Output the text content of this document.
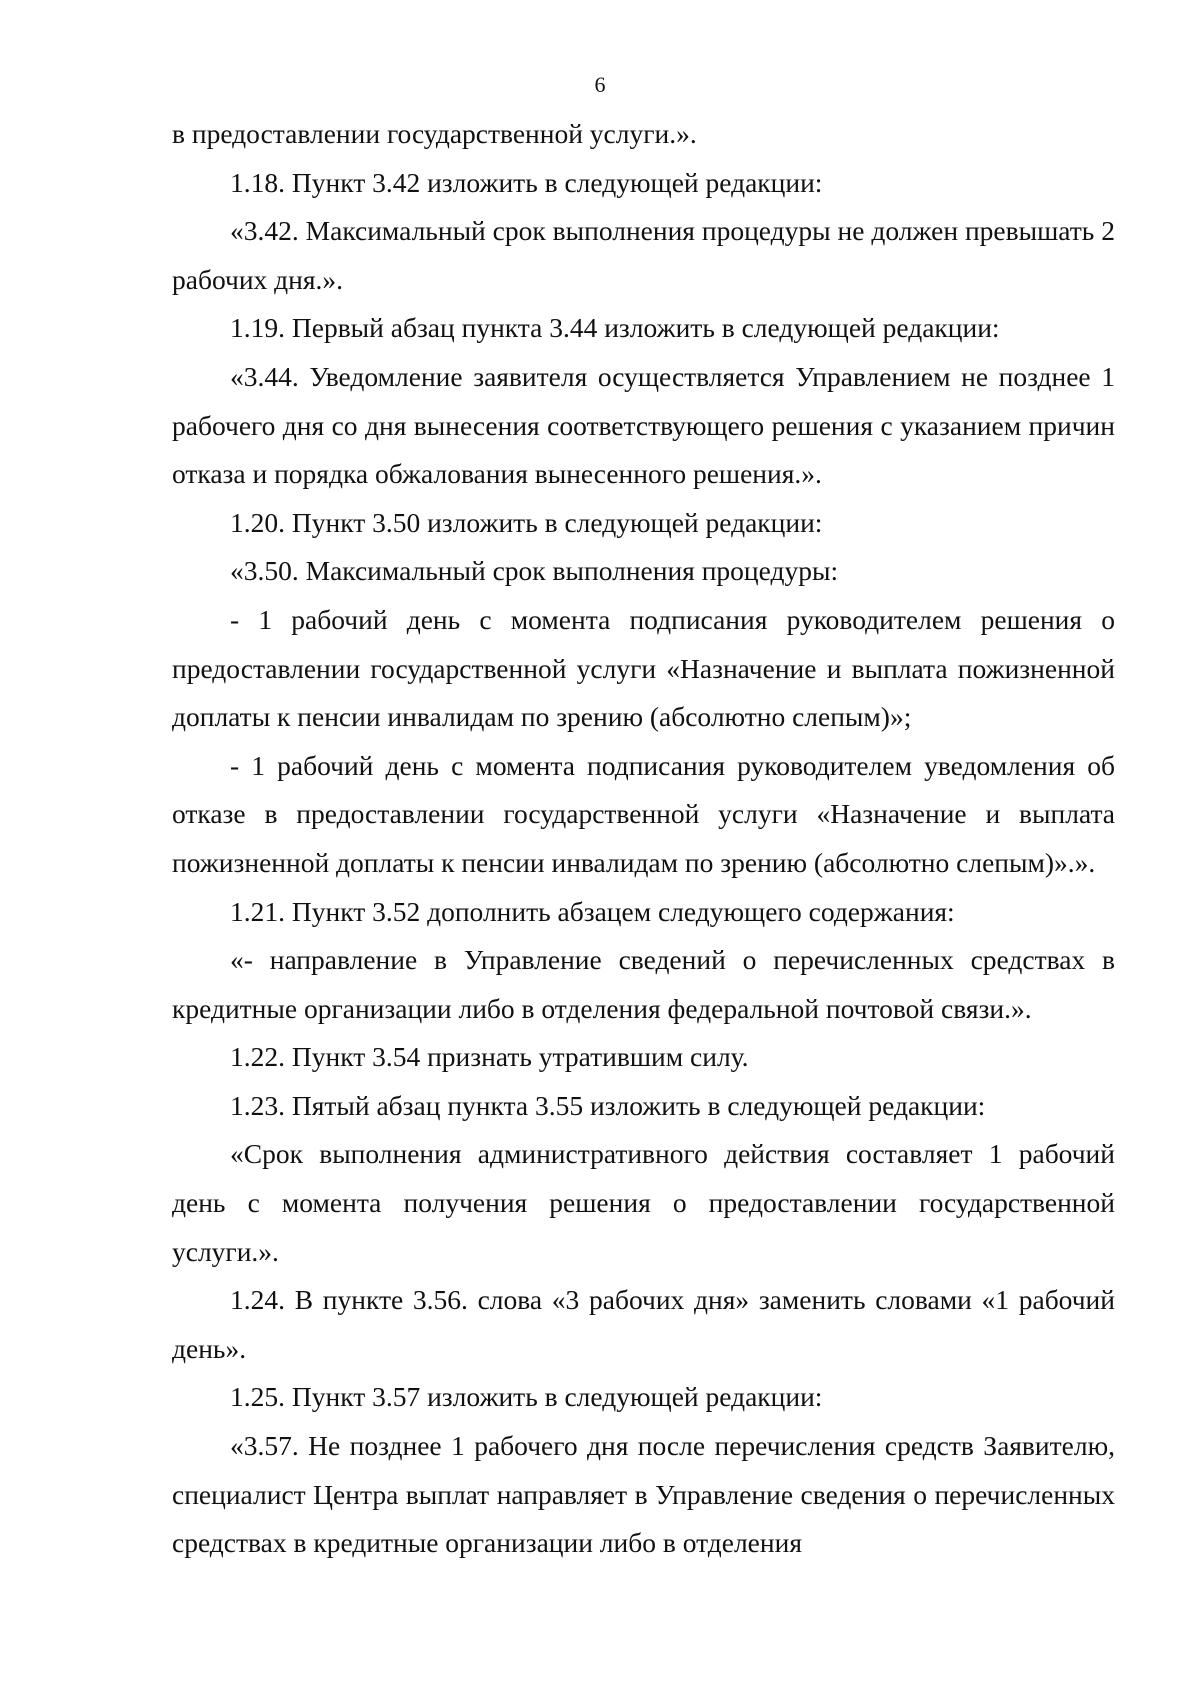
6

в предоставлении государственной услуги.».

1.18. Пункт 3.42 изложить в следующей редакции:

«3.42. Максимальный срок выполнения процедуры не должен превышать 2 рабочих дня.».

1.19. Первый абзац пункта 3.44 изложить в следующей редакции:

«3.44. Уведомление заявителя осуществляется Управлением не позднее 1 рабочего дня со дня вынесения соответствующего решения с указанием причин отказа и порядка обжалования вынесенного решения.».

1.20. Пункт 3.50 изложить в следующей редакции:

«3.50. Максимальный срок выполнения процедуры:

- 1 рабочий день с момента подписания руководителем решения о предоставлении государственной услуги «Назначение и выплата пожизненной доплаты к пенсии инвалидам по зрению (абсолютно слепым)»;

- 1 рабочий день с момента подписания руководителем уведомления об отказе в предоставлении государственной услуги «Назначение и выплата пожизненной доплаты к пенсии инвалидам по зрению (абсолютно слепым)».».

1.21. Пункт 3.52 дополнить абзацем следующего содержания:

«- направление в Управление сведений о перечисленных средствах в кредитные организации либо в отделения федеральной почтовой связи.».

1.22. Пункт 3.54 признать утратившим силу.

1.23. Пятый абзац пункта 3.55 изложить в следующей редакции:

«Срок выполнения административного действия составляет 1 рабочий день с момента получения решения о предоставлении государственной услуги.».

1.24. В пункте 3.56. слова «3 рабочих дня» заменить словами «1 рабочий день».

1.25. Пункт 3.57 изложить в следующей редакции:

«3.57. Не позднее 1 рабочего дня после перечисления средств Заявителю, специалист Центра выплат направляет в Управление сведения о перечисленных средствах в кредитные организации либо в отделения
